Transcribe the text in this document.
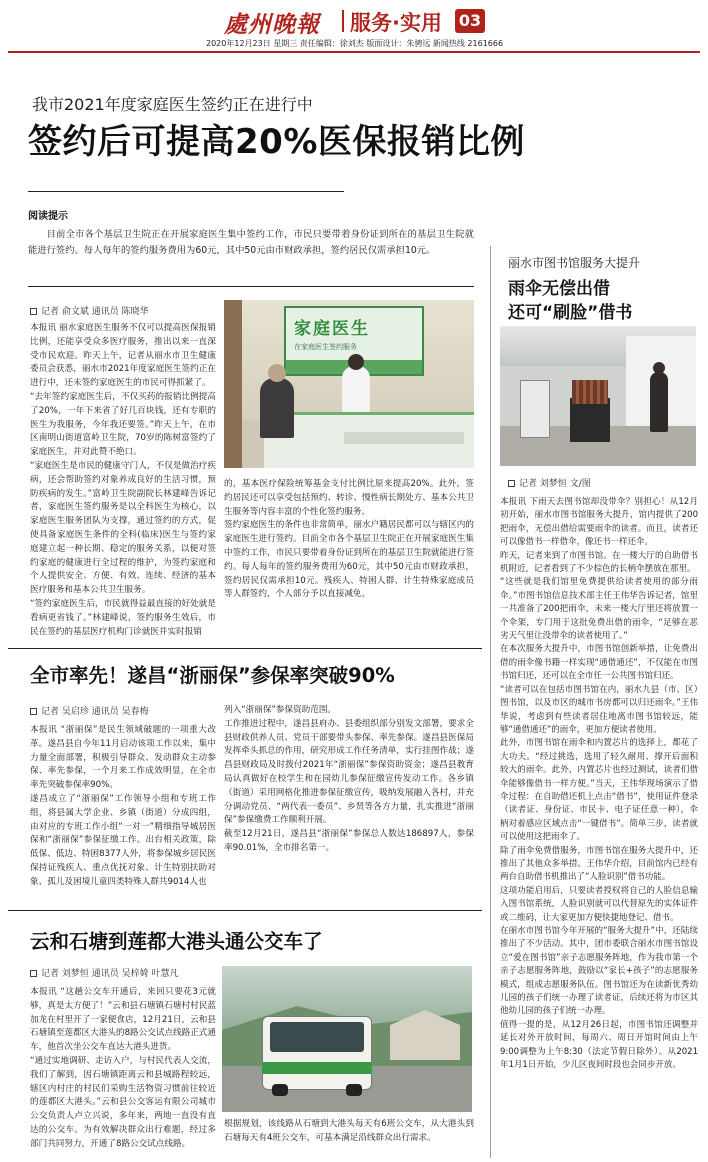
處州晚報 服务·实用 03
2020年12月23日 星期三 责任编辑：徐刘杰 版面设计：朱骋远 新闻热线 2161666
我市2021年度家庭医生签约正在进行中
签约后可提高20%医保报销比例
阅读提示
目前全市各个基层卫生院正在开展家庭医生集中签约工作，市民只要带着身份证到所在的基层卫生院就能进行签约。每人每年的签约服务费用为60元，其中50元由市财政承担，签约居民仅需承担10元。
记者 俞文斌 通讯员 陈晓华
本报讯 丽水家庭医生服务不仅可以提高医保报销比例，还能享受众多医疗服务，推出以来一直深受市民欢迎。昨天上午，记者从丽水市卫生健康委员会获悉，丽水市2021年度家庭医生签约正在进行中，还未签约家庭医生的市民可得抓紧了。
“去年签约家庭医生后，不仅买药的报销比例提高了20%，一年下来省了好几百块钱，还有专职的医生为我服务，今年我还要签。”昨天上午，在市区南明山街道富岭卫生院，70岁的陈树富签约了家庭医生，并对此赞不绝口。
“家庭医生是市民的健康守门人，不仅是做治疗疾病，还会帮助签约对象养成良好的生活习惯，预防疾病的发生。”富岭卫生院副院长林建峰告诉记者，家庭医生签约服务是以全科医生为核心，以家庭医生服务团队为支撑，通过签约的方式，促使具备家庭医生条件的全科(临床)医生与签约家庭建立起一种长期、稳定的服务关系，以便对签约家庭的健康进行全过程的维护，为签约家庭和个人提供安全、方便、有效、连续、经济的基本医疗服务和基本公共卫生服务。
“签约家庭医生后，市民就得益最直接的好处就是看病更省钱了。”林建峰说，签约服务生效后，市民在签约的基层医疗机构门诊就医并实时报销
家庭医生
在家庭医生签约服务
的，基本医疗保险统筹基金支付比例比原来提高20%。此外，签约居民还可以享受包括预约、转诊、慢性病长期处方、基本公共卫生服务等内容丰富的个性化签约服务。
签约家庭医生的条件也非常简单，丽水户籍居民都可以与辖区内的家庭医生进行签约。目前全市各个基层卫生院正在开展家庭医生集中签约工作，市民只要带着身份证到所在的基层卫生院就能进行签约。每人每年的签约服务费用为60元，其中50元由市财政承担，签约居民仅需承担10元。残疾人、特困人群、计生特殊家庭成员等人群签约，个人部分予以直接减免。
全市率先！遂昌“浙丽保”参保率突破90%
记者 吴启珍 通讯员 吴春梅
本报讯 “浙丽保”是民生领域破题的一项重大改革。遂昌县自今年11月启动该项工作以来，集中力量全面部署，积极引导群众、发动群众主动参保、率先参保，一个月来工作成效明显，在全市率先突破参保率90%。
遂昌成立了“浙丽保”工作领导小组和专班工作组，将县属大学企业、乡镇（街道）分成四组，由对应的专班工作小组“一对一”精细指导城居医保和“浙丽保”参保征缴工作。出台相关政策，除低保、低边、特困8377人外，将参保城乡居民医保持证残疾人、重点优抚对象、计生特别扶助对象、孤儿及困境儿童四类特殊人群共9014人也
列入“浙丽保”参保资助范围。
工作推进过程中，遂昌县府办、县委组织部分别发文部署，要求全县财政供养人员、党员干部要带头参保、率先参保。遂昌县医保局发挥牵头抓总的作用，研究形成工作任务清单，实行挂图作战；遂昌县财政局及时拨付2021年“浙丽保”参保资助资金；遂昌县教育局认真做好在校学生和在园幼儿参保征缴宣传发动工作。各乡镇（街道）采用网格化推进参保征缴宣传，吸纳发展融入各村，并充分调动党员、“两代表一委员”、乡贤等各方力量，扎实推进“浙丽保”参保缴费工作顺利开展。
截至12月21日，遂昌县“浙丽保”参保总人数达186897人，参保率90.01%，全市排名第一。
云和石塘到莲都大港头通公交车了
记者 刘梦恒 通讯员 吴梓婍 叶慧凡
本报讯 “这趟公交车开通后，来回只要花3元就够，真是太方便了！”云和县石塘镇石塘村村民蓝加龙在村里开了一家便食店，12月21日，云和县石塘镇至莲都区大港头的8路公交试点线路正式通车，他首次坐公交车直达大港头进货。
“通过实地调研、走访入户，与村民代表人交流，我们了解到，因石塘镇距离云和县城路程较远，辖区内村庄的村民们采购生活物资习惯前往较近的莲都区大港头。”云和县公交客运有限公司城市公交负责人卢立兴说，多年来，两地一直没有直达的公交车。为有效解决群众出行难题，经过多部门共同努力，开通了8路公交试点线路。
根据规划，该线路从石塘到大港头每天有6班公交车，从大港头到石塘每天有4班公交车，可基本满足沿线群众出行需求。
丽水市图书馆服务大提升
雨伞无偿出借
还可“刷脸”借书
记者 刘梦恒 文/图
本报讯 下雨天去图书馆却没带伞？别担心！从12月初开始，丽水市图书馆服务大提升，馆内提供了200把雨伞，无偿出借给需要雨伞的读者。而且，读者还可以像借书一样借伞，像还书一样还伞。
昨天，记者来到了市图书馆。在一楼大厅的自助借书机附近，记者看到了不少棕色的长柄伞摆放在那里。
“这些就是我们馆里免费提供给读者使用的部分雨伞。”市图书馆信息技术部主任王伟华告诉记者，馆里一共准备了200把雨伞，未来一楼大厅里还将放置一个伞架，专门用于这批免费出借的雨伞，“足够在恶劣天气里让没带伞的读者使用了。”
在本次服务大提升中，市图书馆创新举措，让免费出借的雨伞像书籍一样实现“通借通还”，不仅能在市图书馆归还，还可以在全市任一公共图书馆归还。
“读者可以在包括市图书馆在内，丽水九县（市、区）图书馆，以及市区的城市书房都可以归还雨伞。”王伟华说，考虑到有些读者居住地离市图书馆较远，能够“通借通还”的雨伞，更加方便读者使用。
此外，市图书馆在雨伞和内置芯片的选择上，都花了大功夫。“经过挑选，选用了轻久耐用、撑开后面积较大的雨伞。此外，内置芯片也经过测试，读者们借伞能够像借书一样方便。”当天，王伟华现场演示了借伞过程：在自助借还机上点击“借书”，使用证件登录（读者证、身份证、市民卡、电子证任意一种），伞柄对着感应区域点击“一键借书”。简单三步，读者就可以使用这把雨伞了。
除了雨伞免费借服务，市图书馆在服务大提升中，还推出了其他众多举措。王伟华介绍，目前馆内已经有两台自助借书机推出了“人脸识别”借书功能。
这项功能启用后，只要读者授权将自己的人脸信息输入图书馆系统，人脸识别就可以代替原先的实体证件或二维码，让大家更加方便快捷地登记、借书。
在丽水市图书馆今年开展的“服务大提升”中，还陆续推出了不少活动。其中，团市委联合丽水市图书馆设立“爱在图书馆”亲子志愿服务阵地，作为我市第一个亲子志愿服务阵地，鼓励以“家长+孩子”的志愿服务模式，组成志愿服务队伍。图书馆还为在读新优秀幼儿园的孩子们统一办理了读者证，后续还将为市区其他幼儿园的孩子们统一办理。
值得一提的是，从12月26日起，市图书馆还调整并延长对外开放时间，每周六、周日开馆时间由上午9:00调整为上午8:30（法定节假日除外）。从2021年1月1日开始，少儿区夜间时段也会同步开放。
